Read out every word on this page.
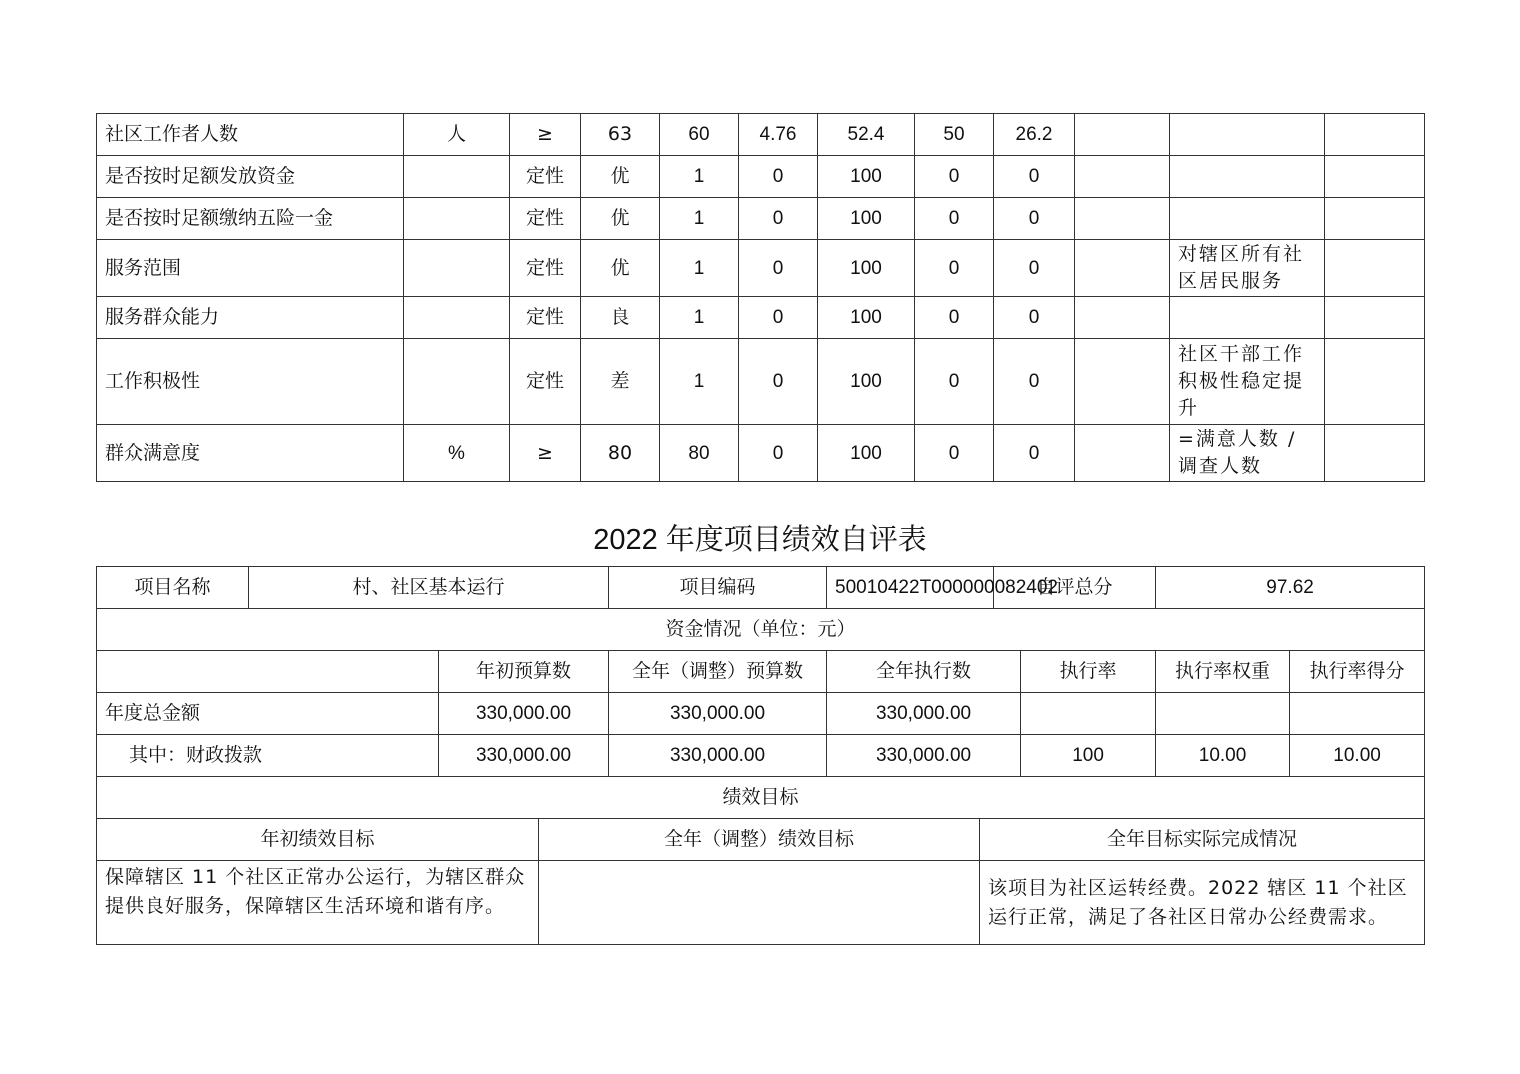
社区工作者人数	人	≥	63	60	4.76	52.4	50	26.2			
是否按时足额发放资金		定性	优	1	0	100	0	0			
是否按时足额缴纳五险一金		定性	优	1	0	100	0	0			
服务范围		定性	优	1	0	100	0	0		对辖区所有社区居民服务	
服务群众能力		定性	良	1	0	100	0	0			
工作积极性		定性	差	1	0	100	0	0		社区干部工作积极性稳定提升	
群众满意度	%	≥	80	80	0	100	0	0		=满意人数 / 调查人数	
2022 年度项目绩效自评表
项目名称	村、社区基本运行		项目编码	50010422T000000082402	自评总分		97.62	
资金情况（单位：元）								
		年初预算数	全年（调整）预算数	全年执行数		执行率	执行率权重	执行率得分
年度总金额		330,000.00	330,000.00	330,000.00				
其中：财政拨款		330,000.00	330,000.00	330,000.00		100	10.00	10.00
绩效目标								
年初绩效目标	全年（调整）绩效目标	全年目标实际完成情况
保障辖区 11 个社区正常办公运行，为辖区群众提供良好服务，保障辖区生活环境和谐有序。		该项目为社区运转经费。2022 辖区 11 个社区运行正常，满足了各社区日常办公经费需求。
